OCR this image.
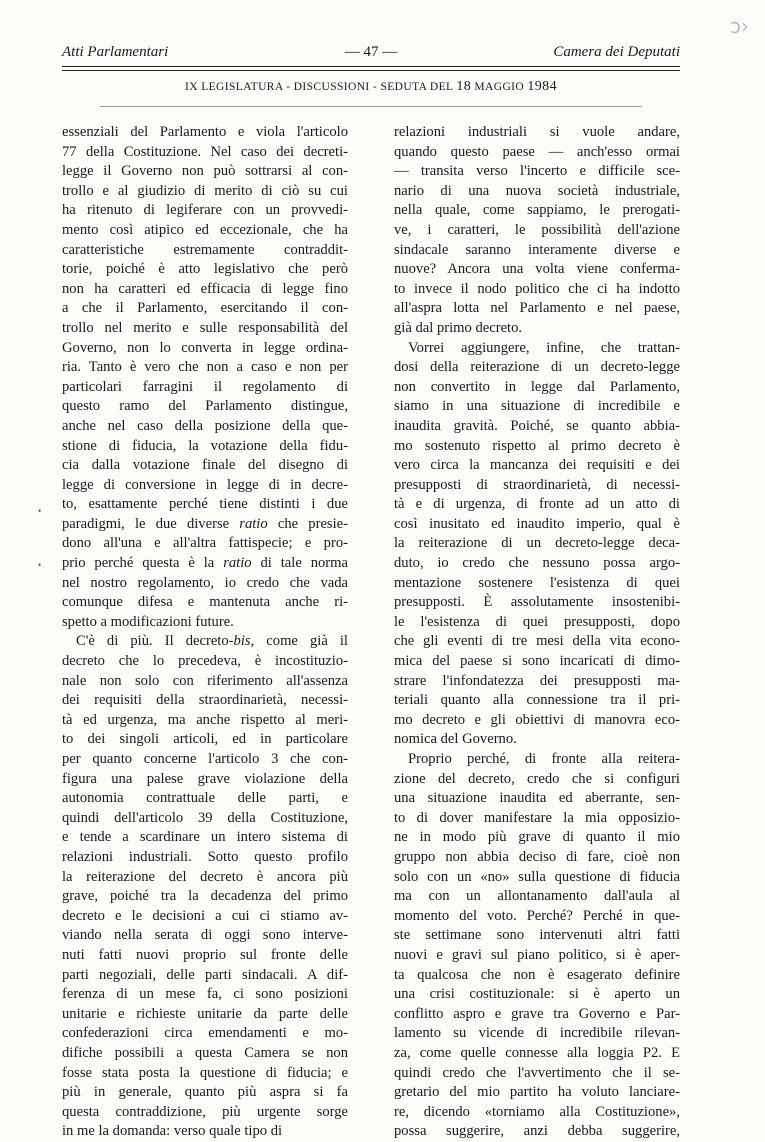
ↄ›
Atti Parlamentari	— 47 —	Camera dei Deputati
IX LEGISLATURA - DISCUSSIONI - SEDUTA DEL 18 MAGGIO 1984

essenziali del Parlamento e viola l'articolo

77 della Costituzione. Nel caso dei decreti-

legge il Governo non può sottrarsi al con-

trollo e al giudizio di merito di ciò su cui

ha ritenuto di legiferare con un provvedi-

mento così atipico ed eccezionale, che ha

caratteristiche estremamente contraddit-

torie, poiché è atto legislativo che però

non ha caratteri ed efficacia di legge fino

a che il Parlamento, esercitando il con-

trollo nel merito e sulle responsabilità del

Governo, non lo converta in legge ordina-

ria. Tanto è vero che non a caso e non per

particolari farragini il regolamento di

questo ramo del Parlamento distingue,

anche nel caso della posizione della que-

stione di fiducia, la votazione della fidu-

cia dalla votazione finale del disegno di

legge di conversione in legge di in decre-

to, esattamente perché tiene distinti i due

paradigmi, le due diverse ratio che presie-

dono all'una e all'altra fattispecie; e pro-

prio perché questa è la ratio di tale norma

nel nostro regolamento, io credo che vada

comunque difesa e mantenuta anche ri-

spetto a modificazioni future.

C'è di più. Il decreto-bis, come già il

decreto che lo precedeva, è incostituzio-

nale non solo con riferimento all'assenza

dei requisiti della straordinarietà, necessi-

tà ed urgenza, ma anche rispetto al meri-

to dei singoli articoli, ed in particolare

per quanto concerne l'articolo 3 che con-

figura una palese grave violazione della

autonomia contrattuale delle parti, e

quindi dell'articolo 39 della Costituzione,

e tende a scardinare un intero sistema di

relazioni industriali. Sotto questo profilo

la reiterazione del decreto è ancora più

grave, poiché tra la decadenza del primo

decreto e le decisioni a cui ci stiamo av-

viando nella serata di oggi sono interve-

nuti fatti nuovi proprio sul fronte delle

parti negoziali, delle parti sindacali. A dif-

ferenza di un mese fa, ci sono posizioni

unitarie e richieste unitarie da parte delle

confederazioni circa emendamenti e mo-

difiche possibili a questa Camera se non

fosse stata posta la questione di fiducia; e

più in generale, quanto più aspra si fa

questa contraddizione, più urgente sorge

in me la domanda: verso quale tipo di

relazioni industriali si vuole andare,

quando questo paese — anch'esso ormai

— transita verso l'incerto e difficile sce-

nario di una nuova società industriale,

nella quale, come sappiamo, le prerogati-

ve, i caratteri, le possibilità dell'azione

sindacale saranno interamente diverse e

nuove? Ancora una volta viene conferma-

to invece il nodo politico che ci ha indotto

all'aspra lotta nel Parlamento e nel paese,

già dal primo decreto.

Vorrei aggiungere, infine, che trattan-

dosi della reiterazione di un decreto-legge

non convertito in legge dal Parlamento,

siamo in una situazione di incredibile e

inaudita gravità. Poiché, se quanto abbia-

mo sostenuto rispetto al primo decreto è

vero circa la mancanza dei requisiti e dei

presupposti di straordinarietà, di necessi-

tà e di urgenza, di fronte ad un atto di

così inusitato ed inaudito imperio, qual è

la reiterazione di un decreto-legge deca-

duto, io credo che nessuno possa argo-

mentazione sostenere l'esistenza di quei

presupposti. È assolutamente insostenibi-

le l'esistenza di quei presupposti, dopo

che gli eventi di tre mesi della vita econo-

mica del paese si sono incaricati di dimo-

strare l'infondatezza dei presupposti ma-

teriali quanto alla connessione tra il pri-

mo decreto e gli obiettivi di manovra eco-

nomica del Governo.

Proprio perché, di fronte alla reitera-

zione del decreto, credo che si configuri

una situazione inaudita ed aberrante, sen-

to di dover manifestare la mia opposizio-

ne in modo più grave di quanto il mio

gruppo non abbia deciso di fare, cioè non

solo con un «no» sulla questione di fiducia

ma con un allontanamento dall'aula al

momento del voto. Perché? Perché in que-

ste settimane sono intervenuti altri fatti

nuovi e gravi sul piano politico, si è aper-

ta qualcosa che non è esagerato definire

una crisi costituzionale: si è aperto un

conflitto aspro e grave tra Governo e Par-

lamento su vicende di incredibile rilevan-

za, come quelle connesse alla loggia P2. E

quindi credo che l'avvertimento che il se-

gretario del mio partito ha voluto lanciare-

re, dicendo «torniamo alla Costituzione»,

possa suggerire, anzi debba suggerire,

•
•
